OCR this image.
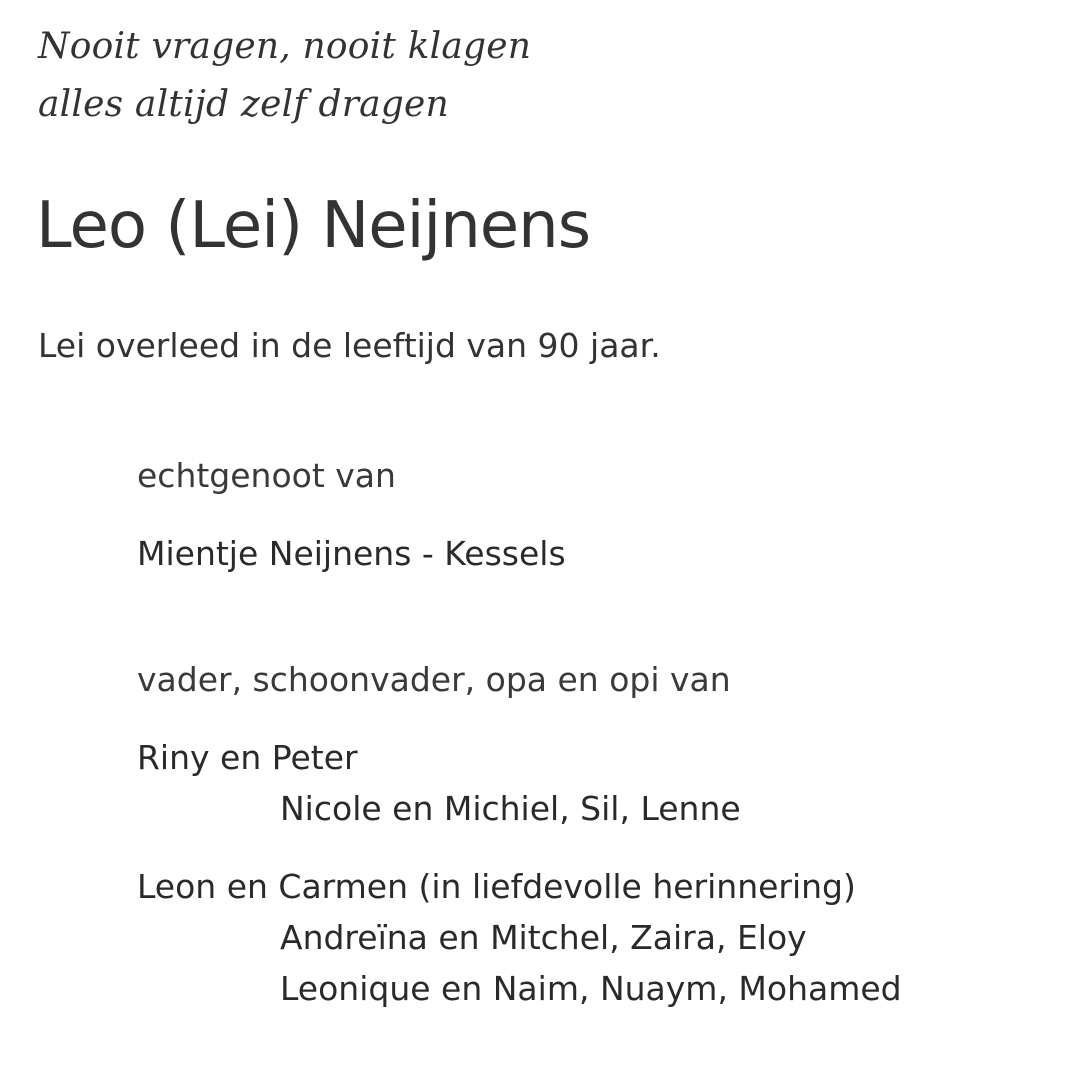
Nooit vragen, nooit klagen
alles altijd zelf dragen
Leo (Lei) Neijnens
Lei overleed in de leeftijd van 90 jaar.
echtgenoot van
Mientje Neijnens - Kessels
vader, schoonvader, opa en opi van
Riny en Peter
Nicole en Michiel, Sil, Lenne
Leon en Carmen (in liefdevolle herinnering)
Andreïna en Mitchel, Zaira, Eloy
Leonique en Naim, Nuaym, Mohamed
